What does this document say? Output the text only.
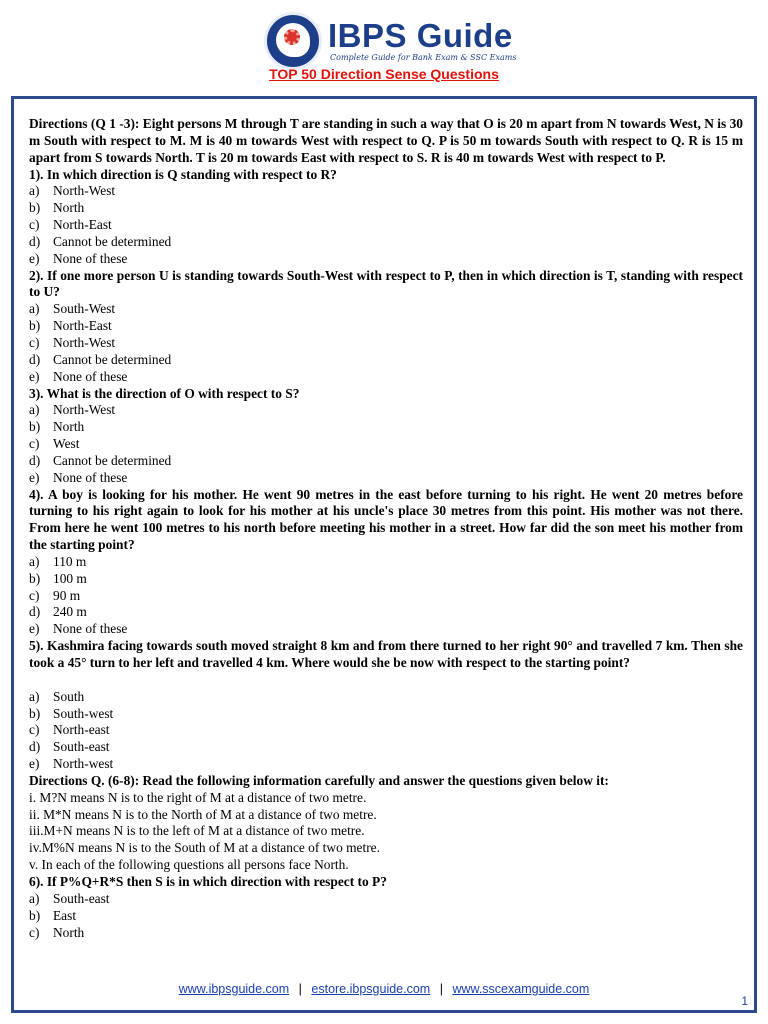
IBPS Guide
Complete Guide for Bank Exam & SSC Exams
TOP 50 Direction Sense Questions
Directions (Q 1 -3): Eight persons M through T are standing in such a way that O is 20 m apart from N towards West, N is 30 m South with respect to M. M is 40 m towards West with respect to Q. P is 50 m towards South with respect to Q. R is 15 m apart from S towards North. T is 20 m towards East with respect to S. R is 40 m towards West with respect to P.
1). In which direction is Q standing with respect to R?
a)	North-West
b) North
c)	North-East
d) Cannot be determined
e)	None of these
2). If one more person U is standing towards South-West with respect to P, then in which direction is T, standing with respect to U?
a)	South-West
b) North-East
c)	North-West
d) Cannot be determined
e)	None of these
3). What is the direction of O with respect to S?
a)	North-West
b) North
c)	West
d) Cannot be determined
e)	None of these
4). A boy is looking for his mother. He went 90 metres in the east before turning to his right. He went 20 metres before turning to his right again to look for his mother at his uncle's place 30 metres from this point. His mother was not there. From here he went 100 metres to his north before meeting his mother in a street. How far did the son meet his mother from the starting point?
a)	110 m
b) 100 m
c)	90 m
d) 240 m
e)	None of these
5). Kashmira facing towards south moved straight 8 km and from there turned to her right 90° and travelled 7 km. Then she took a 45° turn to her left and travelled 4 km. Where would she be now with respect to the starting point?
a)	South
b) South-west
c)	North-east
d) South-east
e)	North-west
Directions Q. (6-8): Read the following information carefully and answer the questions given below it:
i. M?N means N is to the right of M at a distance of two metre.
ii. M*N means N is to the North of M at a distance of two metre.
iii.M+N means N is to the left of M at a distance of two metre.
iv.M%N means N is to the South of M at a distance of two metre.
v. In each of the following questions all persons face North.
6). If P%Q+R*S then S is in which direction with respect to P?
a)	South-east
b) East
c)	North
www.ibpsguide.com | estore.ibpsguide.com | www.sscexamguide.com
1
